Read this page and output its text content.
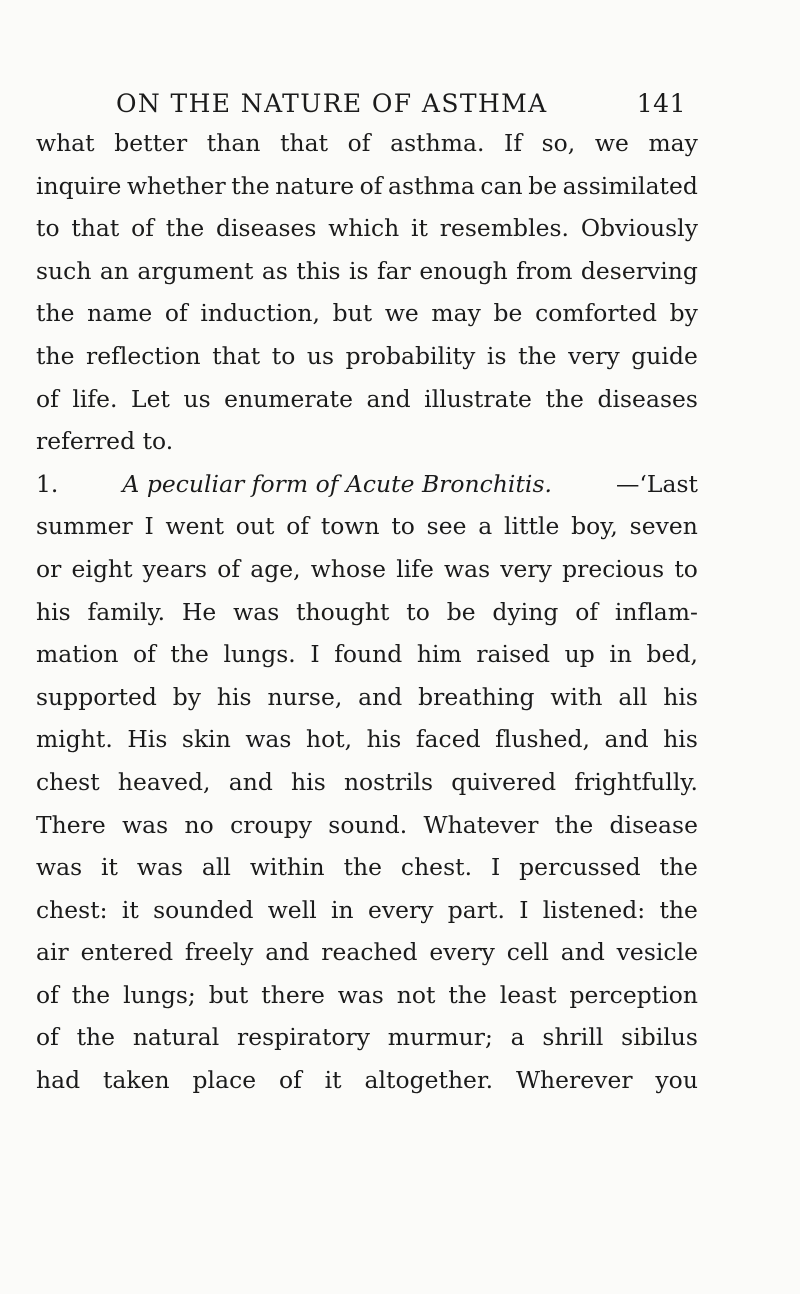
ON THE NATURE OF ASTHMA	141
what better than that of asthma. If so, we may
inquire whether the nature of asthma can be assimilated
to that of the diseases which it resembles. Obviously
such an argument as this is far enough from deserving
the name of induction, but we may be comforted by
the reflection that to us probability is the very guide
of life. Let us enumerate and illustrate the diseases
referred to.
1.	A peculiar form of Acute Bronchitis.	—‘Last
summer I went out of town to see a little boy, seven
or eight years of age, whose life was very precious to
his family. He was thought to be dying of inflam-
mation of the lungs. I found him raised up in bed,
supported by his nurse, and breathing with all his
might. His skin was hot, his faced flushed, and his
chest heaved, and his nostrils quivered frightfully.
There was no croupy sound. Whatever the disease
was it was all within the chest. I percussed the
chest: it sounded well in every part. I listened: the
air entered freely and reached every cell and vesicle
of the lungs; but there was not the least perception
of the natural respiratory murmur; a shrill sibilus
had taken place of it altogether. Wherever you
